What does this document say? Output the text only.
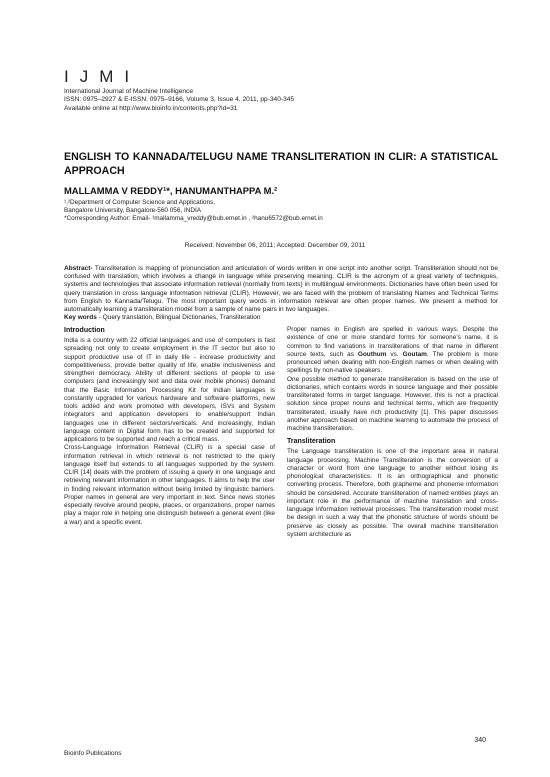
IJMI
International Journal of Machine Intelligence
ISSN: 0975–2927 & E-ISSN: 0975–9166, Volume 3, Issue 4, 2011, pp-340-345
Available online at http://www.bioinfo.in/contents.php?id=31
ENGLISH TO KANNADA/TELUGU NAME TRANSLITERATION IN CLIR: A STATISTICAL APPROACH
MALLAMMA V REDDY¹*, HANUMANTHAPPA M.²
¹,²Department of Computer Science and Applications,
Bangalore University, Bangalore-560 056, INDIA
*Corresponding Author: Email- ¹mallamma_vreddy@bub.ernet.in , ²hanu6572@bub.ernet.in
Received: November 06, 2011; Accepted: December 09, 2011
Abstract- Transliteration is mapping of pronunciation and articulation of words written in one script into another script. Transliteration should not be confused with translation, which involves a change in language while preserving meaning. CLIR is the acronym of a great variety of techniques, systems and technologies that associate information retrieval (normally from texts) in multilingual environments. Dictionaries have often been used for query translation in cross language information retrieval (CLIR). However, we are faced with the problem of translating Names and Technical Terms from English to Kannada/Telugu. The most important query words in information retrieval are often proper names. We present a method for automatically learning a transliteration model from a sample of name pairs in two languages.
Key words - Query translation, Bilingual Dictionaries, Transliteration
Introduction

India is a country with 22 official languages and use of computers is fast spreading not only to create employment in the IT sector but also to support productive use of IT in daily life - increase productivity and competitiveness, provide better quality of life, enable inclusiveness and strengthen democracy. Ability of different sections of people to use computers (and increasingly text and data over mobile phones) demand that the Basic Information Processing Kit for Indian languages is constantly upgraded for various hardware and software platforms, new tools added and work promoted with developers, ISVs and System integrators and application developers to enable/support Indian languages use in different sectors/verticals. And increasingly, Indian language content in Digital form has to be created and supported for applications to be supported and reach a critical mass.

Cross-Language Information Retrieval (CLIR) is a special case of information retrieval in which retrieval is not restricted to the query language itself but extends to all languages supported by the system. CLIR [14] deals with the problem of issuing a query in one language and retrieving relevant information in other languages. It aims to help the user in finding relevant information without being limited by linguistic barriers. Proper names in general are very important in text. Since news stories especially revolve around people, places, or organizations, proper names play a major role in helping one distinguish between a general event (like a war) and a specific event.

Proper names in English are spelled in various ways. Despite the existence of one or more standard forms for someone’s name, it is common to find variations in transliterations of that name in different source texts, such as Gouthum vs. Goutam. The problem is more pronounced when dealing with non-English names or when dealing with spellings by non-native speakers.

One possible method to generate transliteration is based on the use of dictionaries, which contains words in source language and their possible transliterated forms in target language. However, this is not a practical solution since proper nouns and technical terms, which are frequently transliterated, usually have rich productivity [1]. This paper discusses another approach based on machine learning to automate the process of machine transliteration.

Transliteration

The Language transliteration is one of the important area in natural language processing. Machine Transliteration is the conversion of a character or word from one language to another without losing its phonological characteristics. It is an orthographical and phonetic converting process. Therefore, both grapheme and phoneme information should be considered. Accurate transliteration of named entities plays an important role in the performance of machine translation and cross-language information retrieval processes. The transliteration model must be design in such a way that the phonetic structure of words should be preserve as closely as possible. The overall machine transliteration system architecture as

340
Bioinfo Publications
